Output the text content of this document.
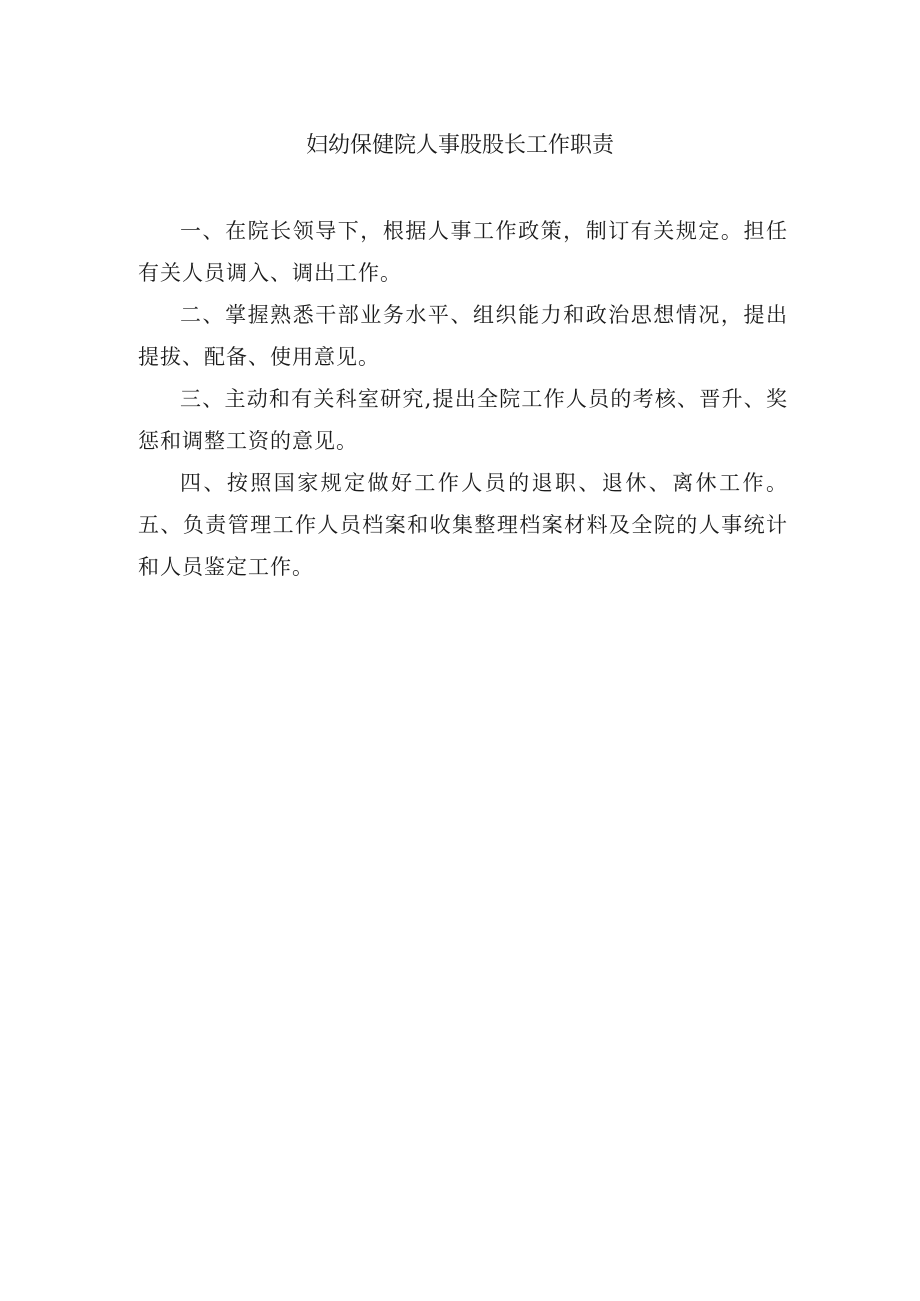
妇幼保健院人事股股长工作职责

一、在院长领导下，根据人事工作政策，制订有关规定。担任有关人员调入、调出工作。

二、掌握熟悉干部业务水平、组织能力和政治思想情况，提出提拔、配备、使用意见。

三、主动和有关科室研究,提出全院工作人员的考核、晋升、奖惩和调整工资的意见。

四、按照国家规定做好工作人员的退职、退休、离休工作。五、负责管理工作人员档案和收集整理档案材料及全院的人事统计和人员鉴定工作。
